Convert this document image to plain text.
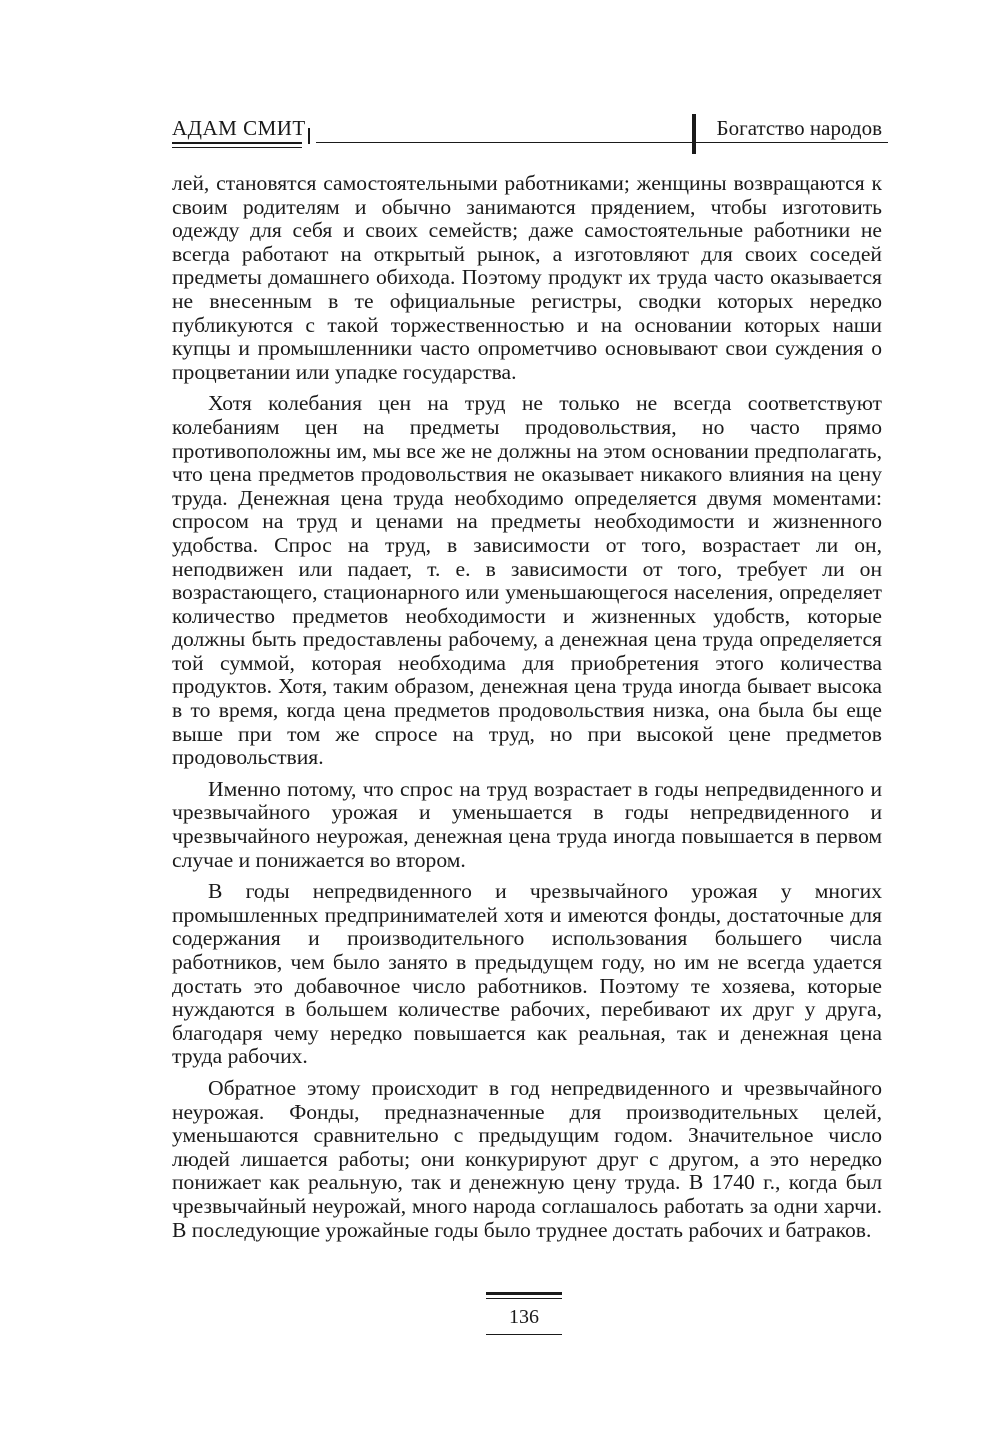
АДАМ СМИТ	Богатство народов

лей, становятся самостоятельными работниками; женщины возвращаются к своим родителям и обычно занимаются прядением, чтобы изготовить одежду для себя и своих семейств; даже самостоятельные работники не всегда работают на открытый рынок, а изготовляют для своих соседей предметы домашнего обихода. Поэтому продукт их труда часто оказывается не внесенным в те официальные регистры, сводки которых нередко публикуются с такой торжественностью и на основании которых наши купцы и промышленники часто опрометчиво основывают свои суждения о процветании или упадке государства.

Хотя колебания цен на труд не только не всегда соответствуют колебаниям цен на предметы продовольствия, но часто прямо противоположны им, мы все же не должны на этом основании предполагать, что цена предметов продовольствия не оказывает никакого влияния на цену труда. Денежная цена труда необходимо определяется двумя моментами: спросом на труд и ценами на предметы необходимости и жизненного удобства. Спрос на труд, в зависимости от того, возрастает ли он, неподвижен или падает, т. е. в зависимости от того, требует ли он возрастающего, стационарного или уменьшающегося населения, определяет количество предметов необходимости и жизненных удобств, которые должны быть предоставлены рабочему, а денежная цена труда определяется той суммой, которая необходима для приобретения этого количества продуктов. Хотя, таким образом, денежная цена труда иногда бывает высока в то время, когда цена предметов продовольствия низка, она была бы еще выше при том же спросе на труд, но при высокой цене предметов продовольствия.

Именно потому, что спрос на труд возрастает в годы непредвиденного и чрезвычайного урожая и уменьшается в годы непредвиденного и чрезвычайного неурожая, денежная цена труда иногда повышается в первом случае и понижается во втором.

В годы непредвиденного и чрезвычайного урожая у многих промышленных предпринимателей хотя и имеются фонды, достаточные для содержания и производительного использования большего числа работников, чем было занято в предыдущем году, но им не всегда удается достать это добавочное число работников. Поэтому те хозяева, которые нуждаются в большем количестве рабочих, перебивают их друг у друга, благодаря чему нередко повышается как реальная, так и денежная цена труда рабочих.

Обратное этому происходит в год непредвиденного и чрезвычайного неурожая. Фонды, предназначенные для производительных целей, уменьшаются сравнительно с предыдущим годом. Значительное число людей лишается работы; они конкурируют друг с другом, а это нередко понижает как реальную, так и денежную цену труда. В 1740 г., когда был чрезвычайный неурожай, много народа соглашалось работать за одни харчи. В последующие урожайные годы было труднее достать рабочих и батраков.

136
